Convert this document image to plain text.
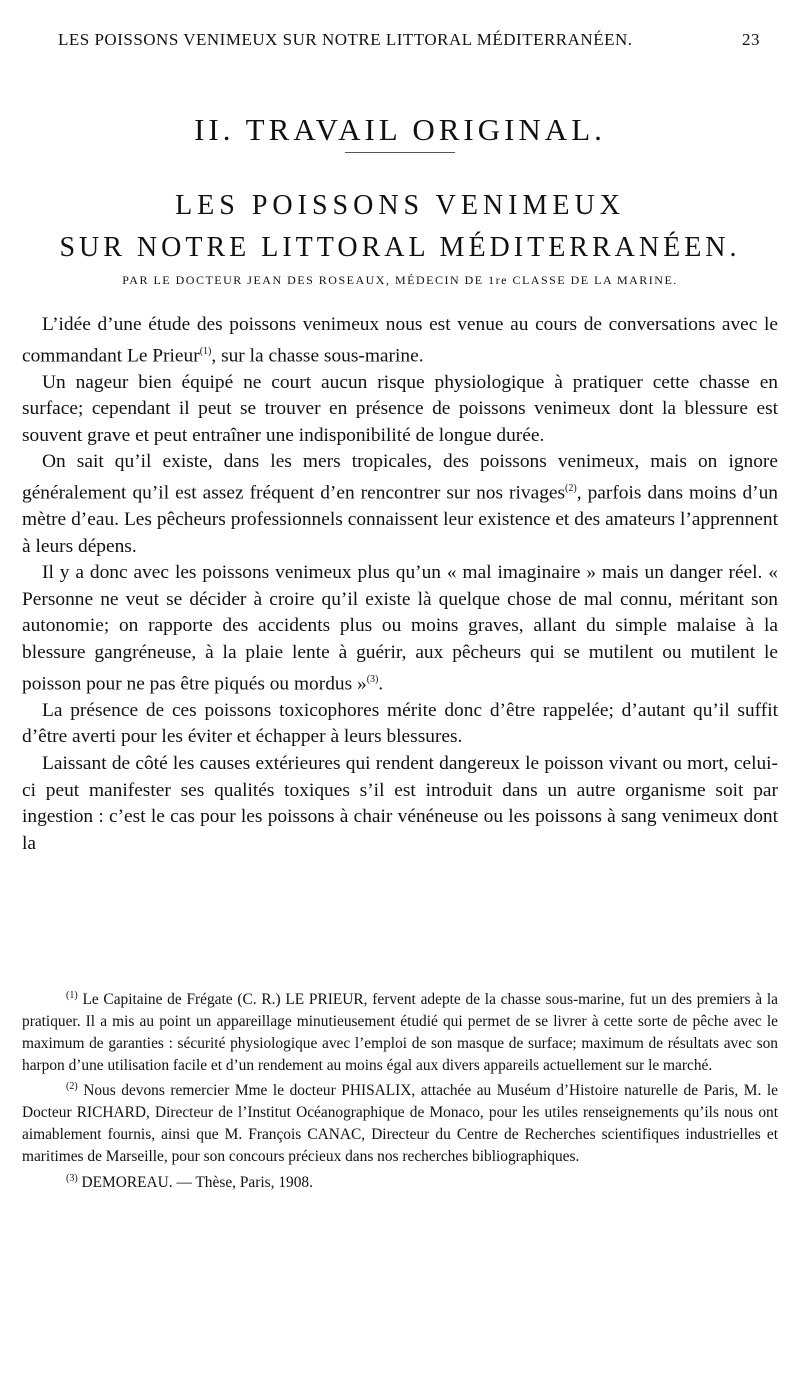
LES POISSONS VENIMEUX SUR NOTRE LITTORAL MÉDITERRANÉEN.	23
II. TRAVAIL ORIGINAL.
LES POISSONS VENIMEUX
SUR NOTRE LITTORAL MÉDITERRANÉEN.
PAR LE DOCTEUR JEAN DES ROSEAUX, MÉDECIN DE 1re CLASSE DE LA MARINE.

L’idée d’une étude des poissons venimeux nous est venue au cours de conversations avec le commandant Le Prieur$^{(1)}$, sur la chasse sous-marine.

Un nageur bien équipé ne court aucun risque physiologique à pratiquer cette chasse en surface; cependant il peut se trouver en présence de poissons venimeux dont la blessure est souvent grave et peut entraîner une indisponibilité de longue durée.

On sait qu’il existe, dans les mers tropicales, des poissons venimeux, mais on ignore généralement qu’il est assez fréquent d’en rencontrer sur nos rivages$^{(2)}$, parfois dans moins d’un mètre d’eau. Les pêcheurs professionnels connaissent leur existence et des amateurs l’apprennent à leurs dépens.

Il y a donc avec les poissons venimeux plus qu’un « mal imaginaire » mais un danger réel. « Personne ne veut se décider à croire qu’il existe là quelque chose de mal connu, méritant son autonomie; on rapporte des accidents plus ou moins graves, allant du simple malaise à la blessure gangréneuse, à la plaie lente à guérir, aux pêcheurs qui se mutilent ou mutilent le poisson pour ne pas être piqués ou mordus »$^{(3)}$.

La présence de ces poissons toxicophores mérite donc d’être rappelée; d’autant qu’il suffit d’être averti pour les éviter et échapper à leurs blessures.

Laissant de côté les causes extérieures qui rendent dangereux le poisson vivant ou mort, celui-ci peut manifester ses qualités toxiques s’il est introduit dans un autre organisme soit par ingestion : c’est le cas pour les poissons à chair vénéneuse ou les poissons à sang venimeux dont la

$^{(1)}$ Le Capitaine de Frégate (C. R.) LE PRIEUR, fervent adepte de la chasse sous-marine, fut un des premiers à la pratiquer. Il a mis au point un appareillage minutieusement étudié qui permet de se livrer à cette sorte de pêche avec le maximum de garanties : sécurité physiologique avec l’emploi de son masque de surface; maximum de résultats avec son harpon d’une utilisation facile et d’un rendement au moins égal aux divers appareils actuellement sur le marché.

$^{(2)}$ Nous devons remercier Mme le docteur PHISALIX, attachée au Muséum d’Histoire naturelle de Paris, M. le Docteur RICHARD, Directeur de l’Institut Océanographique de Monaco, pour les utiles renseignements qu’ils nous ont aimablement fournis, ainsi que M. François CANAC, Directeur du Centre de Recherches scientifiques industrielles et maritimes de Marseille, pour son concours précieux dans nos recherches bibliographiques.

$^{(3)}$ DEMOREAU. — Thèse, Paris, 1908.
